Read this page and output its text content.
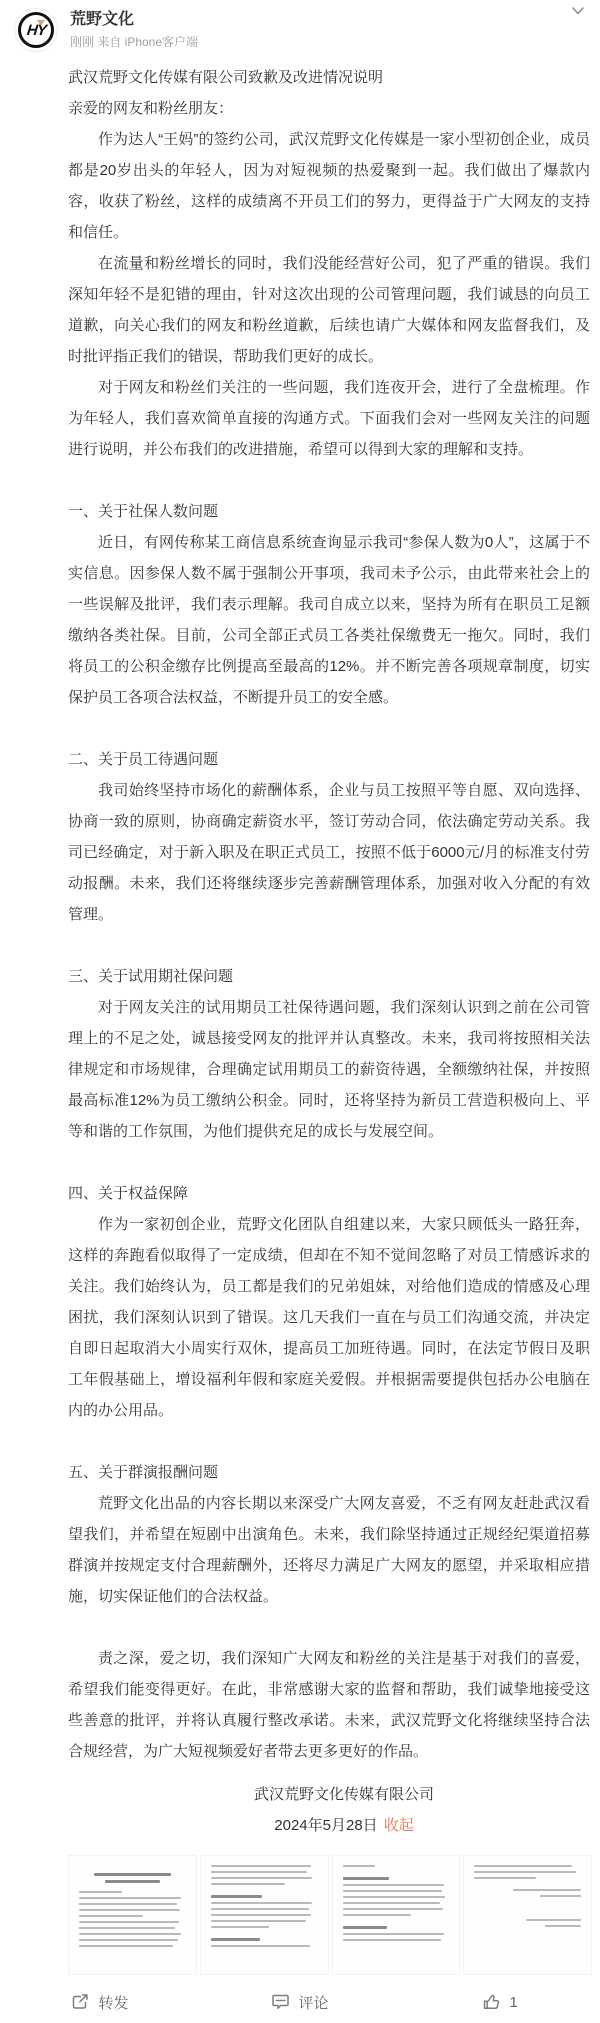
HY
荒野文化
刚刚 来自 iPhone客户端

武汉荒野文化传媒有限公司致歉及改进情况说明

亲爱的网友和粉丝朋友：

作为达人“王妈”的签约公司，武汉荒野文化传媒是一家小型初创企业，成员都是20岁出头的年轻人，因为对短视频的热爱聚到一起。我们做出了爆款内容，收获了粉丝，这样的成绩离不开员工们的努力，更得益于广大网友的支持和信任。

在流量和粉丝增长的同时，我们没能经营好公司，犯了严重的错误。我们深知年轻不是犯错的理由，针对这次出现的公司管理问题，我们诚恳的向员工道歉，向关心我们的网友和粉丝道歉，后续也请广大媒体和网友监督我们，及时批评指正我们的错误，帮助我们更好的成长。

对于网友和粉丝们关注的一些问题，我们连夜开会，进行了全盘梳理。作为年轻人，我们喜欢简单直接的沟通方式。下面我们会对一些网友关注的问题进行说明，并公布我们的改进措施，希望可以得到大家的理解和支持。

一、关于社保人数问题

近日，有网传称某工商信息系统查询显示我司“参保人数为0人”，这属于不实信息。因参保人数不属于强制公开事项，我司未予公示，由此带来社会上的一些误解及批评，我们表示理解。我司自成立以来，坚持为所有在职员工足额缴纳各类社保。目前，公司全部正式员工各类社保缴费无一拖欠。同时，我们将员工的公积金缴存比例提高至最高的12%。并不断完善各项规章制度，切实保护员工各项合法权益，不断提升员工的安全感。

二、关于员工待遇问题

我司始终坚持市场化的薪酬体系，企业与员工按照平等自愿、双向选择、协商一致的原则，协商确定薪资水平，签订劳动合同，依法确定劳动关系。我司已经确定，对于新入职及在职正式员工，按照不低于6000元/月的标准支付劳动报酬。未来，我们还将继续逐步完善薪酬管理体系，加强对收入分配的有效管理。

三、关于试用期社保问题

对于网友关注的试用期员工社保待遇问题，我们深刻认识到之前在公司管理上的不足之处，诚恳接受网友的批评并认真整改。未来，我司将按照相关法律规定和市场规律，合理确定试用期员工的薪资待遇，全额缴纳社保，并按照最高标准12%为员工缴纳公积金。同时，还将坚持为新员工营造积极向上、平等和谐的工作氛围，为他们提供充足的成长与发展空间。

四、关于权益保障

作为一家初创企业，荒野文化团队自组建以来，大家只顾低头一路狂奔，这样的奔跑看似取得了一定成绩，但却在不知不觉间忽略了对员工情感诉求的关注。我们始终认为，员工都是我们的兄弟姐妹，对给他们造成的情感及心理困扰，我们深刻认识到了错误。这几天我们一直在与员工们沟通交流，并决定自即日起取消大小周实行双休，提高员工加班待遇。同时，在法定节假日及职工年假基础上，增设福利年假和家庭关爱假。并根据需要提供包括办公电脑在内的办公用品。

五、关于群演报酬问题

荒野文化出品的内容长期以来深受广大网友喜爱，不乏有网友赶赴武汉看望我们，并希望在短剧中出演角色。未来，我们除坚持通过正规经纪渠道招募群演并按规定支付合理薪酬外，还将尽力满足广大网友的愿望，并采取相应措施，切实保证他们的合法权益。

责之深，爱之切，我们深知广大网友和粉丝的关注是基于对我们的喜爱，希望我们能变得更好。在此，非常感谢大家的监督和帮助，我们诚挚地接受这些善意的批评，并将认真履行整改承诺。未来，武汉荒野文化将继续坚持合法合规经营，为广大短视频爱好者带去更多更好的作品。

武汉荒野文化传媒有限公司

2024年5月28日 收起

转发	评论	1
